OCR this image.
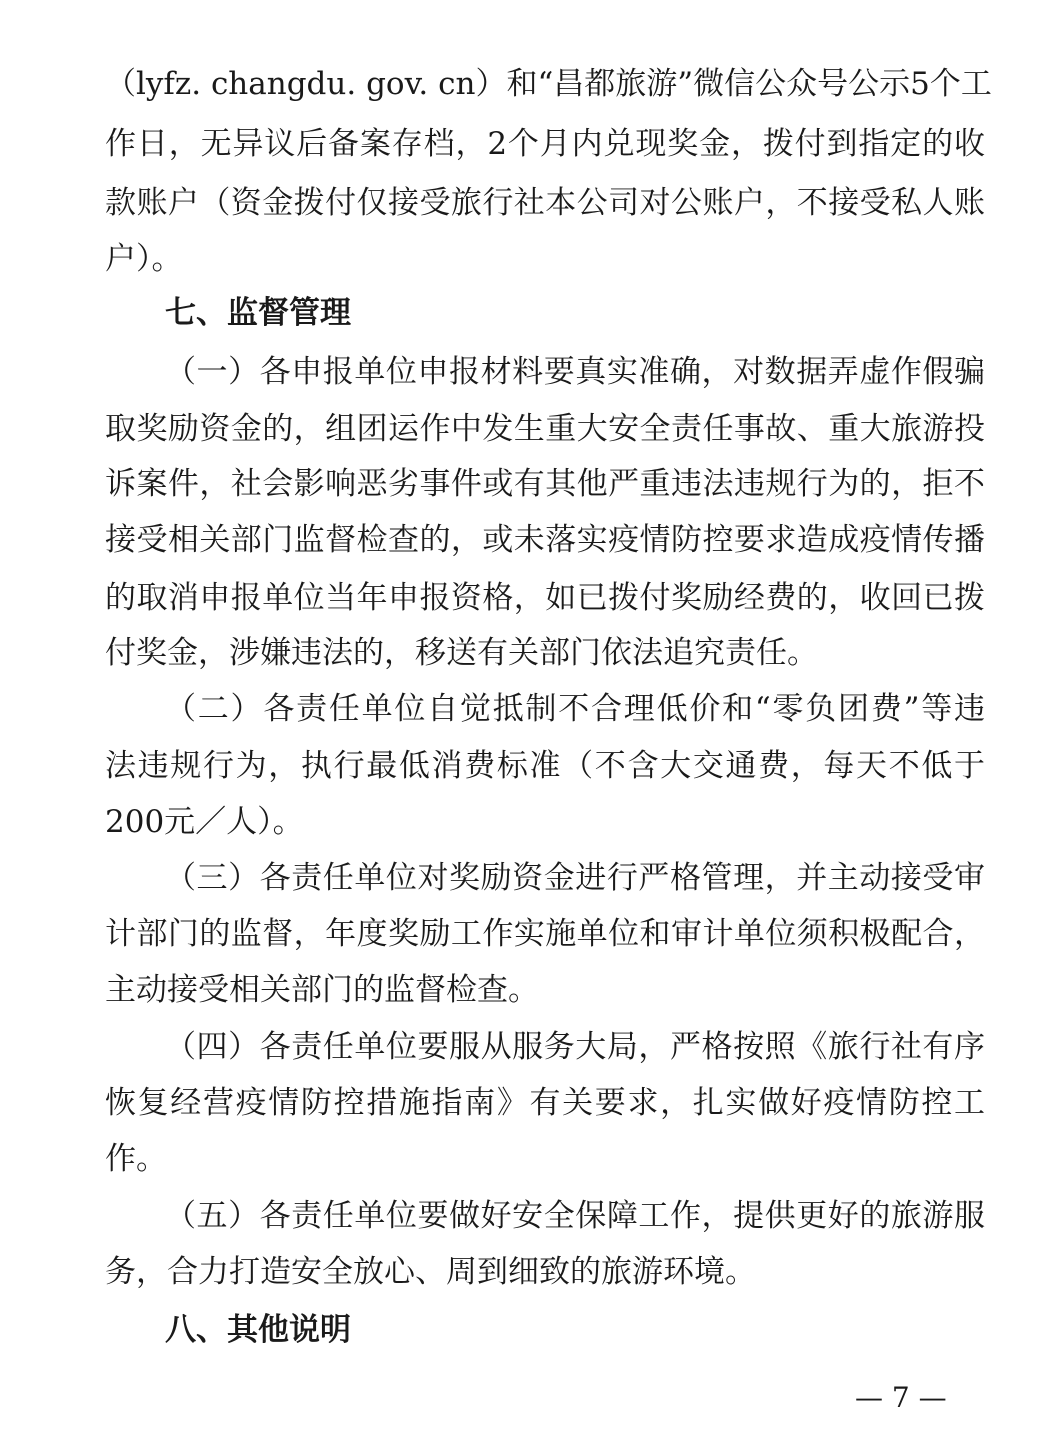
（lyfz. changdu. gov. cn）和“昌都旅游”微信公众号公示5个工
作日，无异议后备案存档，2个月内兑现奖金，拨付到指定的收
款账户（资金拨付仅接受旅行社本公司对公账户，不接受私人账
户）。
七、监督管理
（一）各申报单位申报材料要真实准确，对数据弄虚作假骗
取奖励资金的，组团运作中发生重大安全责任事故、重大旅游投
诉案件，社会影响恶劣事件或有其他严重违法违规行为的，拒不
接受相关部门监督检查的，或未落实疫情防控要求造成疫情传播
的取消申报单位当年申报资格，如已拨付奖励经费的，收回已拨
付奖金，涉嫌违法的，移送有关部门依法追究责任。
（二）各责任单位自觉抵制不合理低价和“零负团费”等违
法违规行为，执行最低消费标准（不含大交通费，每天不低于
200元／人）。
（三）各责任单位对奖励资金进行严格管理，并主动接受审
计部门的监督，年度奖励工作实施单位和审计单位须积极配合，
主动接受相关部门的监督检查。
（四）各责任单位要服从服务大局，严格按照《旅行社有序
恢复经营疫情防控措施指南》有关要求，扎实做好疫情防控工
作。
（五）各责任单位要做好安全保障工作，提供更好的旅游服
务，合力打造安全放心、周到细致的旅游环境。
八、其他说明
— 7 —
